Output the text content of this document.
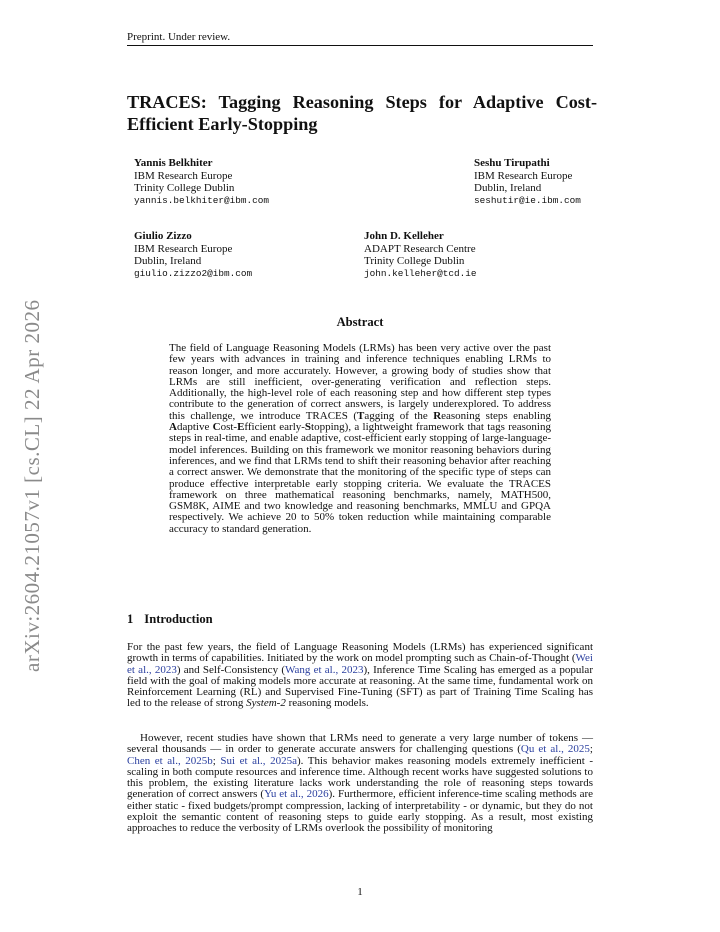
arXiv:2604.21057v1 [cs.CL] 22 Apr 2026
Preprint. Under review.
TRACES: Tagging Reasoning Steps for Adaptive Cost-
Efficient Early-Stopping
Yannis Belkhiter
IBM Research Europe
Trinity College Dublin
yannis.belkhiter@ibm.com
Seshu Tirupathi
IBM Research Europe
Dublin, Ireland
seshutir@ie.ibm.com
Giulio Zizzo
IBM Research Europe
Dublin, Ireland
giulio.zizzo2@ibm.com
John D. Kelleher
ADAPT Research Centre
Trinity College Dublin
john.kelleher@tcd.ie
Abstract

The field of Language Reasoning Models (LRMs) has been very active over the past few years with advances in training and inference techniques enabling LRMs to reason longer, and more accurately. However, a growing body of studies show that LRMs are still inefficient, over-generating verification and reflection steps. Additionally, the high-level role of each reasoning step and how different step types contribute to the generation of correct answers, is largely underexplored. To address this challenge, we introduce TRACES (Tagging of the Reasoning steps enabling Adaptive Cost-Efficient early-Stopping), a lightweight framework that tags reasoning steps in real-time, and enable adaptive, cost-efficient early stopping of large-language-model inferences. Building on this framework we monitor reasoning behaviors during inferences, and we find that LRMs tend to shift their reasoning behavior after reaching a correct answer. We demonstrate that the monitoring of the specific type of steps can produce effective interpretable early stopping criteria. We evaluate the TRACES framework on three mathematical reasoning benchmarks, namely, MATH500, GSM8K, AIME and two knowledge and reasoning benchmarks, MMLU and GPQA respectively. We achieve 20 to 50% token reduction while maintaining comparable accuracy to standard generation.

1 Introduction

For the past few years, the field of Language Reasoning Models (LRMs) has experienced significant growth in terms of capabilities. Initiated by the work on model prompting such as Chain-of-Thought (Wei et al., 2023) and Self-Consistency (Wang et al., 2023), Inference Time Scaling has emerged as a popular field with the goal of making models more accurate at reasoning. At the same time, fundamental work on Reinforcement Learning (RL) and Supervised Fine-Tuning (SFT) as part of Training Time Scaling has led to the release of strong System-2 reasoning models.

However, recent studies have shown that LRMs need to generate a very large number of tokens — several thousands — in order to generate accurate answers for challenging questions (Qu et al., 2025; Chen et al., 2025b; Sui et al., 2025a). This behavior makes reasoning models extremely inefficient - scaling in both compute resources and inference time. Although recent works have suggested solutions to this problem, the existing literature lacks work understanding the role of reasoning steps towards generation of correct answers (Yu et al., 2026). Furthermore, efficient inference-time scaling methods are either static - fixed budgets/prompt compression, lacking of interpretability - or dynamic, but they do not exploit the semantic content of reasoning steps to guide early stopping. As a result, most existing approaches to reduce the verbosity of LRMs overlook the possibility of monitoring

1
